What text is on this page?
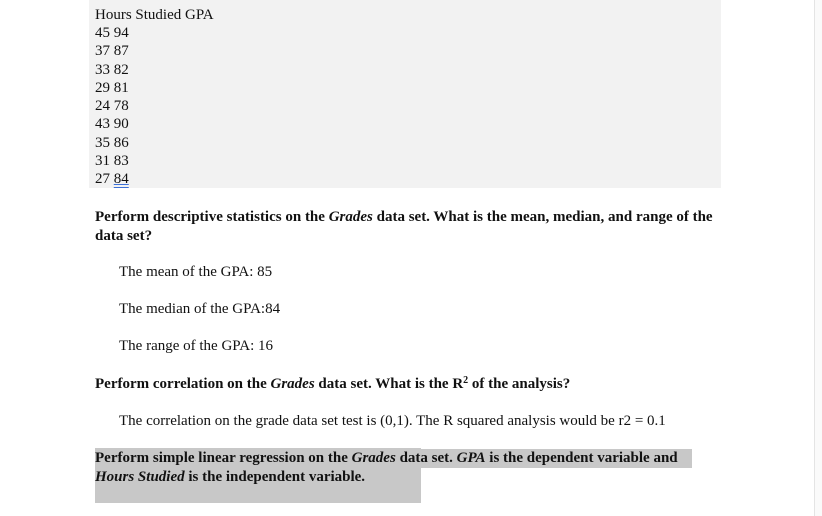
Hours Studied GPA
45 94
37 87
33 82
29 81
24 78
43 90
35 86
31 83
27 84
Perform descriptive statistics on the Grades data set. What is the mean, median, and range of the data set?
The mean of the GPA: 85
The median of the GPA:84
The range of the GPA: 16
Perform correlation on the Grades data set. What is the $R^2$ of the analysis?
The correlation on the grade data set test is (0,1). The R squared analysis would be r2 = 0.1
Perform simple linear regression on the Grades data set. GPA is the dependent variable and Hours Studied is the independent variable.
